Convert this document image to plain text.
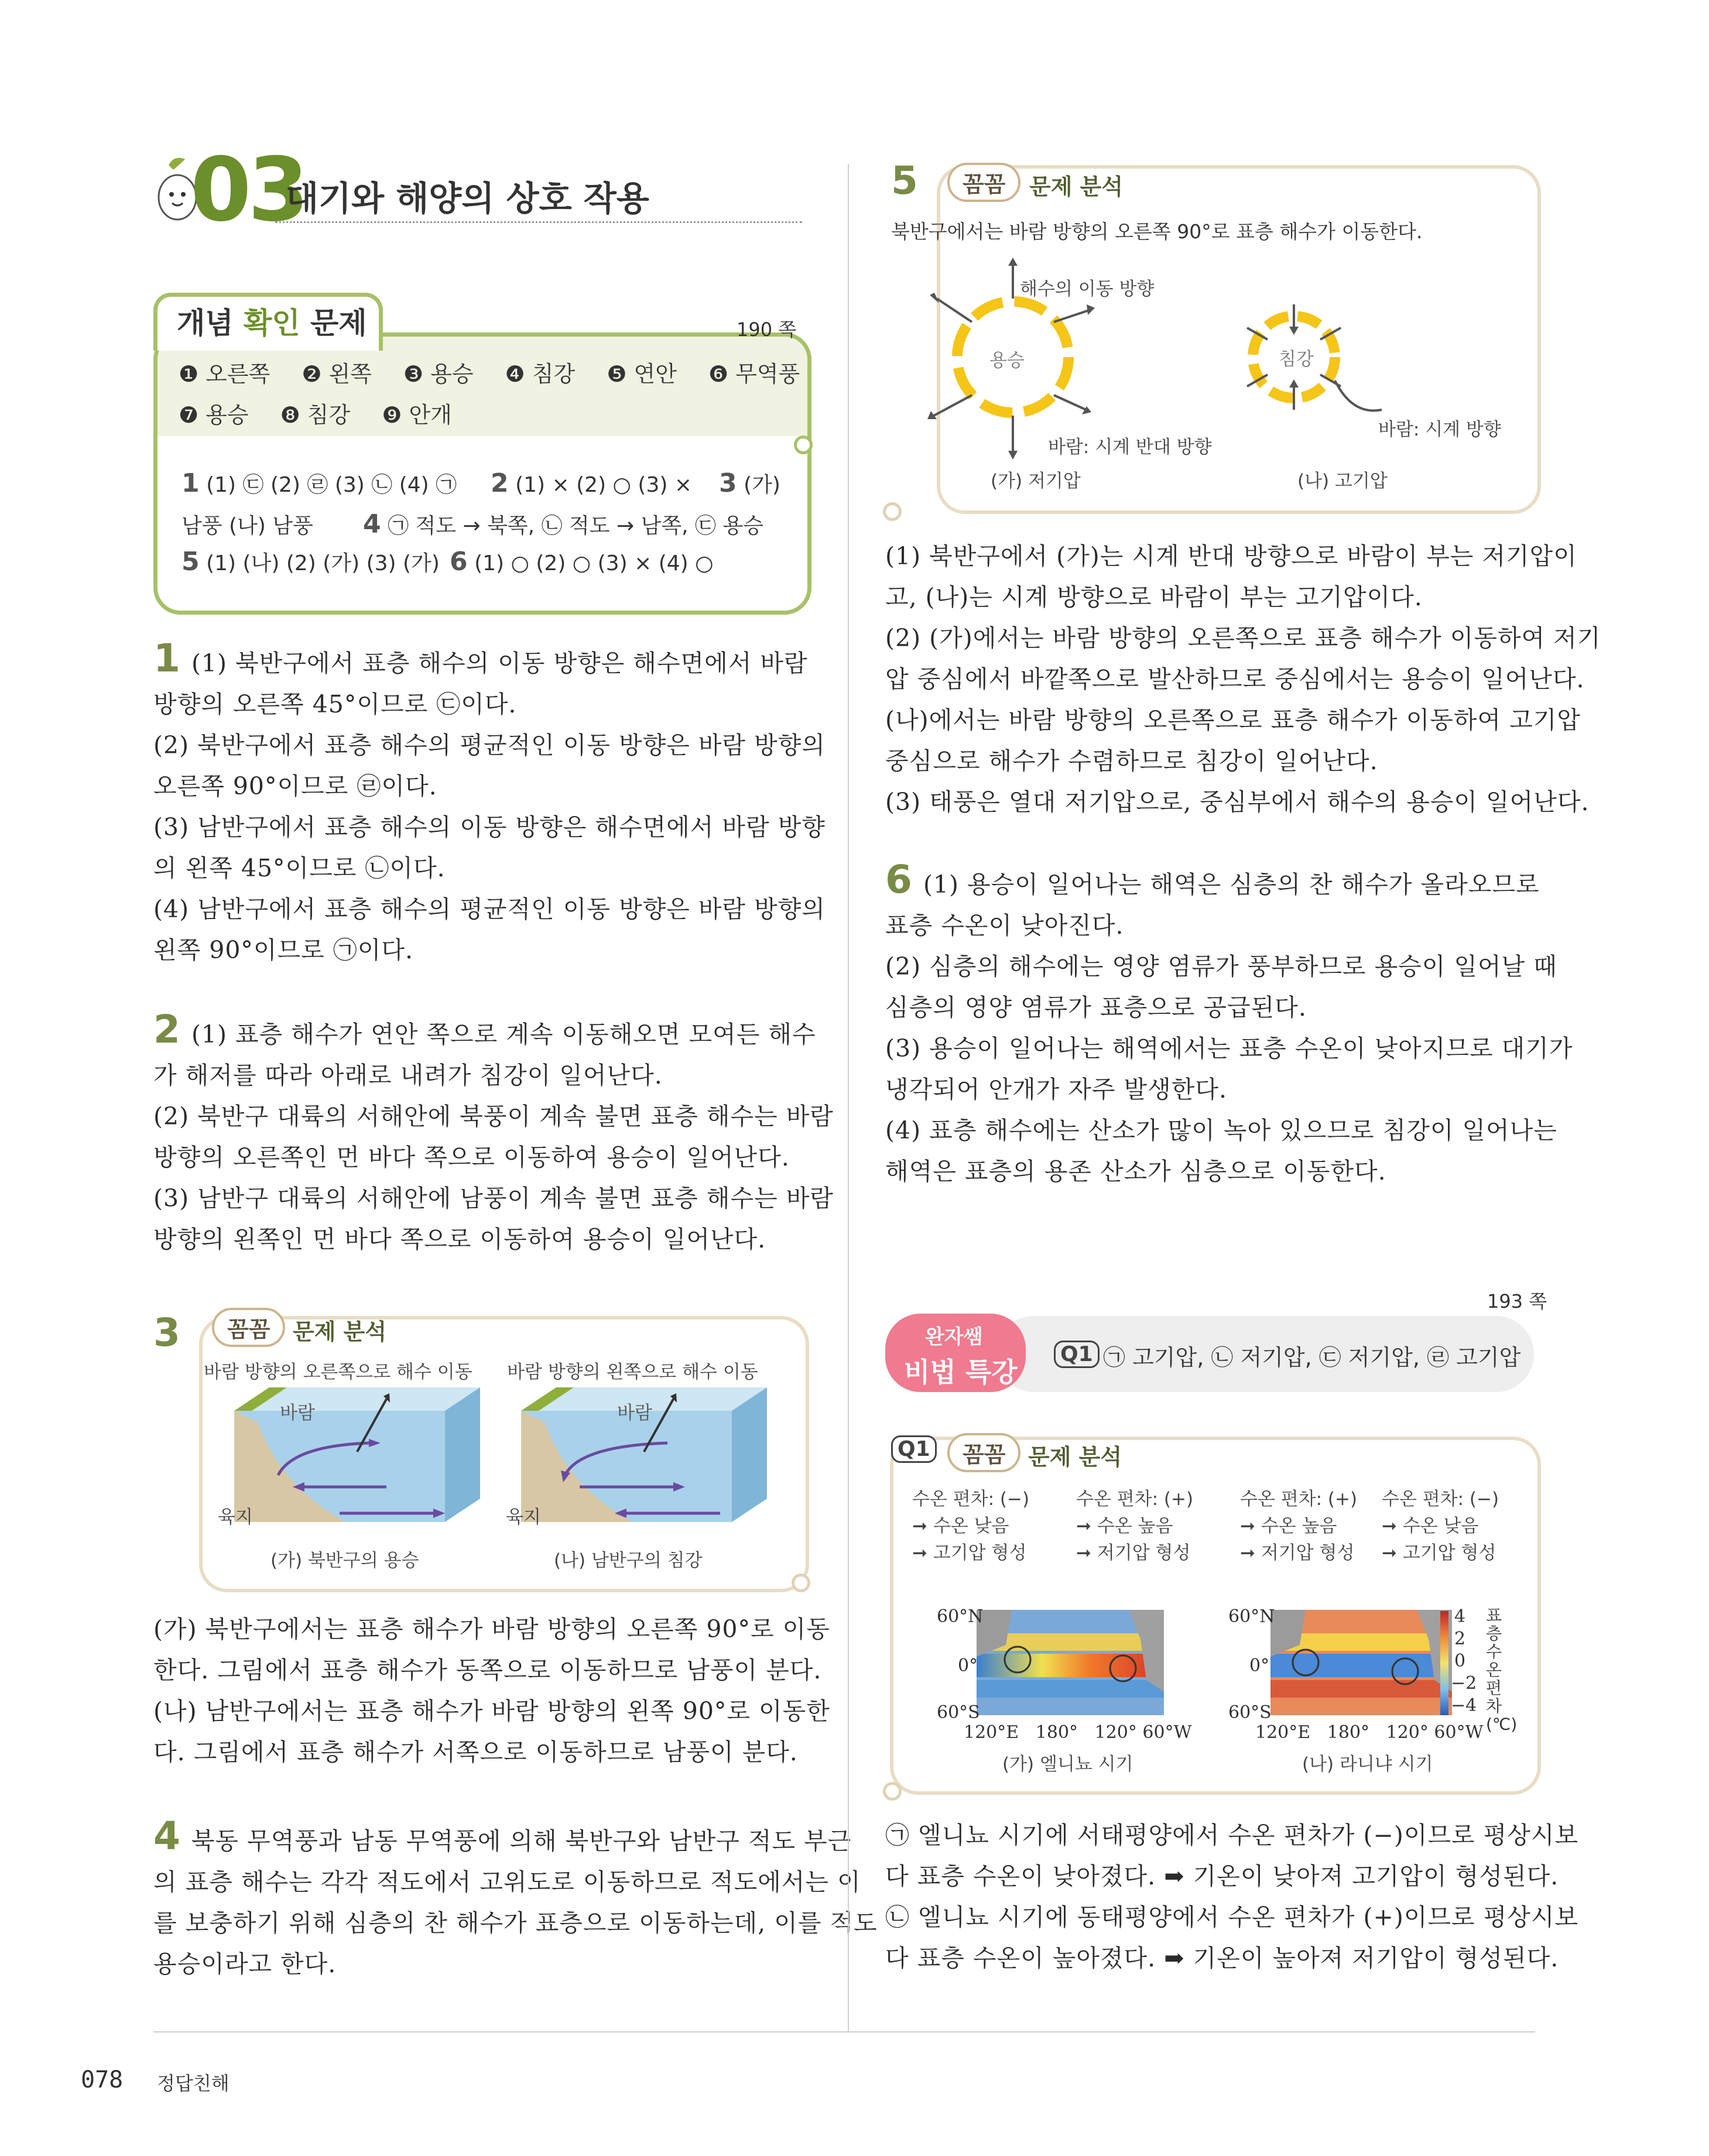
03
대기와 해양의 상호 작용
개념 확인 문제	190 쪽
❶ 오른쪽 ❷ 왼쪽 ❸ 용승 ❹ 침강 ❺ 연안 ❻ 무역풍
❼ 용승 ❽ 침강 ❾ 안개
1 (1) ㉢ (2) ㉣ (3) ㉡ (4) ㉠ 2 (1) × (2) ○ (3) × 3 (가)
남풍 (나) 남풍 4 ㉠ 적도 → 북쪽, ㉡ 적도 → 남쪽, ㉢ 용승
5 (1) (나) (2) (가) (3) (가) 6 (1) ○ (2) ○ (3) × (4) ○

1 (1) 북반구에서 표층 해수의 이동 방향은 해수면에서 바람

방향의 오른쪽 45°이므로 ㉢이다.

(2) 북반구에서 표층 해수의 평균적인 이동 방향은 바람 방향의

오른쪽 90°이므로 ㉣이다.

(3) 남반구에서 표층 해수의 이동 방향은 해수면에서 바람 방향

의 왼쪽 45°이므로 ㉡이다.

(4) 남반구에서 표층 해수의 평균적인 이동 방향은 바람 방향의

왼쪽 90°이므로 ㉠이다.

2 (1) 표층 해수가 연안 쪽으로 계속 이동해오면 모여든 해수

가 해저를 따라 아래로 내려가 침강이 일어난다.

(2) 북반구 대륙의 서해안에 북풍이 계속 불면 표층 해수는 바람

방향의 오른쪽인 먼 바다 쪽으로 이동하여 용승이 일어난다.

(3) 남반구 대륙의 서해안에 남풍이 계속 불면 표층 해수는 바람

방향의 왼쪽인 먼 바다 쪽으로 이동하여 용승이 일어난다.

3	꼼꼼	문제 분석
바람 방향의 오른쪽으로 해수 이동 바람 방향의 왼쪽으로 해수 이동
바람
육지
바람
육지
(가) 북반구의 용승	(나) 남반구의 침강

(가) 북반구에서는 표층 해수가 바람 방향의 오른쪽 90°로 이동

한다. 그림에서 표층 해수가 동쪽으로 이동하므로 남풍이 분다.

(나) 남반구에서는 표층 해수가 바람 방향의 왼쪽 90°로 이동한

다. 그림에서 표층 해수가 서쪽으로 이동하므로 남풍이 분다.

4 북동 무역풍과 남동 무역풍에 의해 북반구와 남반구 적도 부근

의 표층 해수는 각각 적도에서 고위도로 이동하므로 적도에서는 이

를 보충하기 위해 심층의 찬 해수가 표층으로 이동하는데, 이를 적도

용승이라고 한다.

5	꼼꼼	문제 분석
북반구에서는 바람 방향의 오른쪽 90°로 표층 해수가 이동한다.
용승
해수의 이동 방향
바람: 시계 반대 방향
(가) 저기압
침강
바람: 시계 방향
(나) 고기압

(1) 북반구에서 (가)는 시계 반대 방향으로 바람이 부는 저기압이

고, (나)는 시계 방향으로 바람이 부는 고기압이다.

(2) (가)에서는 바람 방향의 오른쪽으로 표층 해수가 이동하여 저기

압 중심에서 바깥쪽으로 발산하므로 중심에서는 용승이 일어난다.

(나)에서는 바람 방향의 오른쪽으로 표층 해수가 이동하여 고기압

중심으로 해수가 수렴하므로 침강이 일어난다.

(3) 태풍은 열대 저기압으로, 중심부에서 해수의 용승이 일어난다.

6 (1) 용승이 일어나는 해역은 심층의 찬 해수가 올라오므로

표층 수온이 낮아진다.

(2) 심층의 해수에는 영양 염류가 풍부하므로 용승이 일어날 때

심층의 영양 염류가 표층으로 공급된다.

(3) 용승이 일어나는 해역에서는 표층 수온이 낮아지므로 대기가

냉각되어 안개가 자주 발생한다.

(4) 표층 해수에는 산소가 많이 녹아 있으므로 침강이 일어나는

해역은 표층의 용존 산소가 심층으로 이동한다.

193 쪽
완자쌤
비법 특강
Q1 ㉠ 고기압, ㉡ 저기압, ㉢ 저기압, ㉣ 고기압
Q1	꼼꼼	문제 분석
수온 편차: (−)
➞ 수온 낮음
➞ 고기압 형성
수온 편차: (+)
➞ 수온 높음
➞ 저기압 형성
수온 편차: (+)
➞ 수온 높음
➞ 저기압 형성
수온 편차: (−)
➞ 수온 낮음
➞ 고기압 형성
60°N
0°
60°S
120°E   180°   120° 60°W
(가) 엘니뇨 시기
60°N
0°
60°S
120°E   180°   120° 60°W
(나) 라니냐 시기
4
2
0
−2
−4
표층 수온 편차(℃)

㉠ 엘니뇨 시기에 서태평양에서 수온 편차가 (−)이므로 평상시보

다 표층 수온이 낮아졌다. ➡ 기온이 낮아져 고기압이 형성된다.

㉡ 엘니뇨 시기에 동태평양에서 수온 편차가 (+)이므로 평상시보

다 표층 수온이 높아졌다. ➡ 기온이 높아져 저기압이 형성된다.

078 정답친해
